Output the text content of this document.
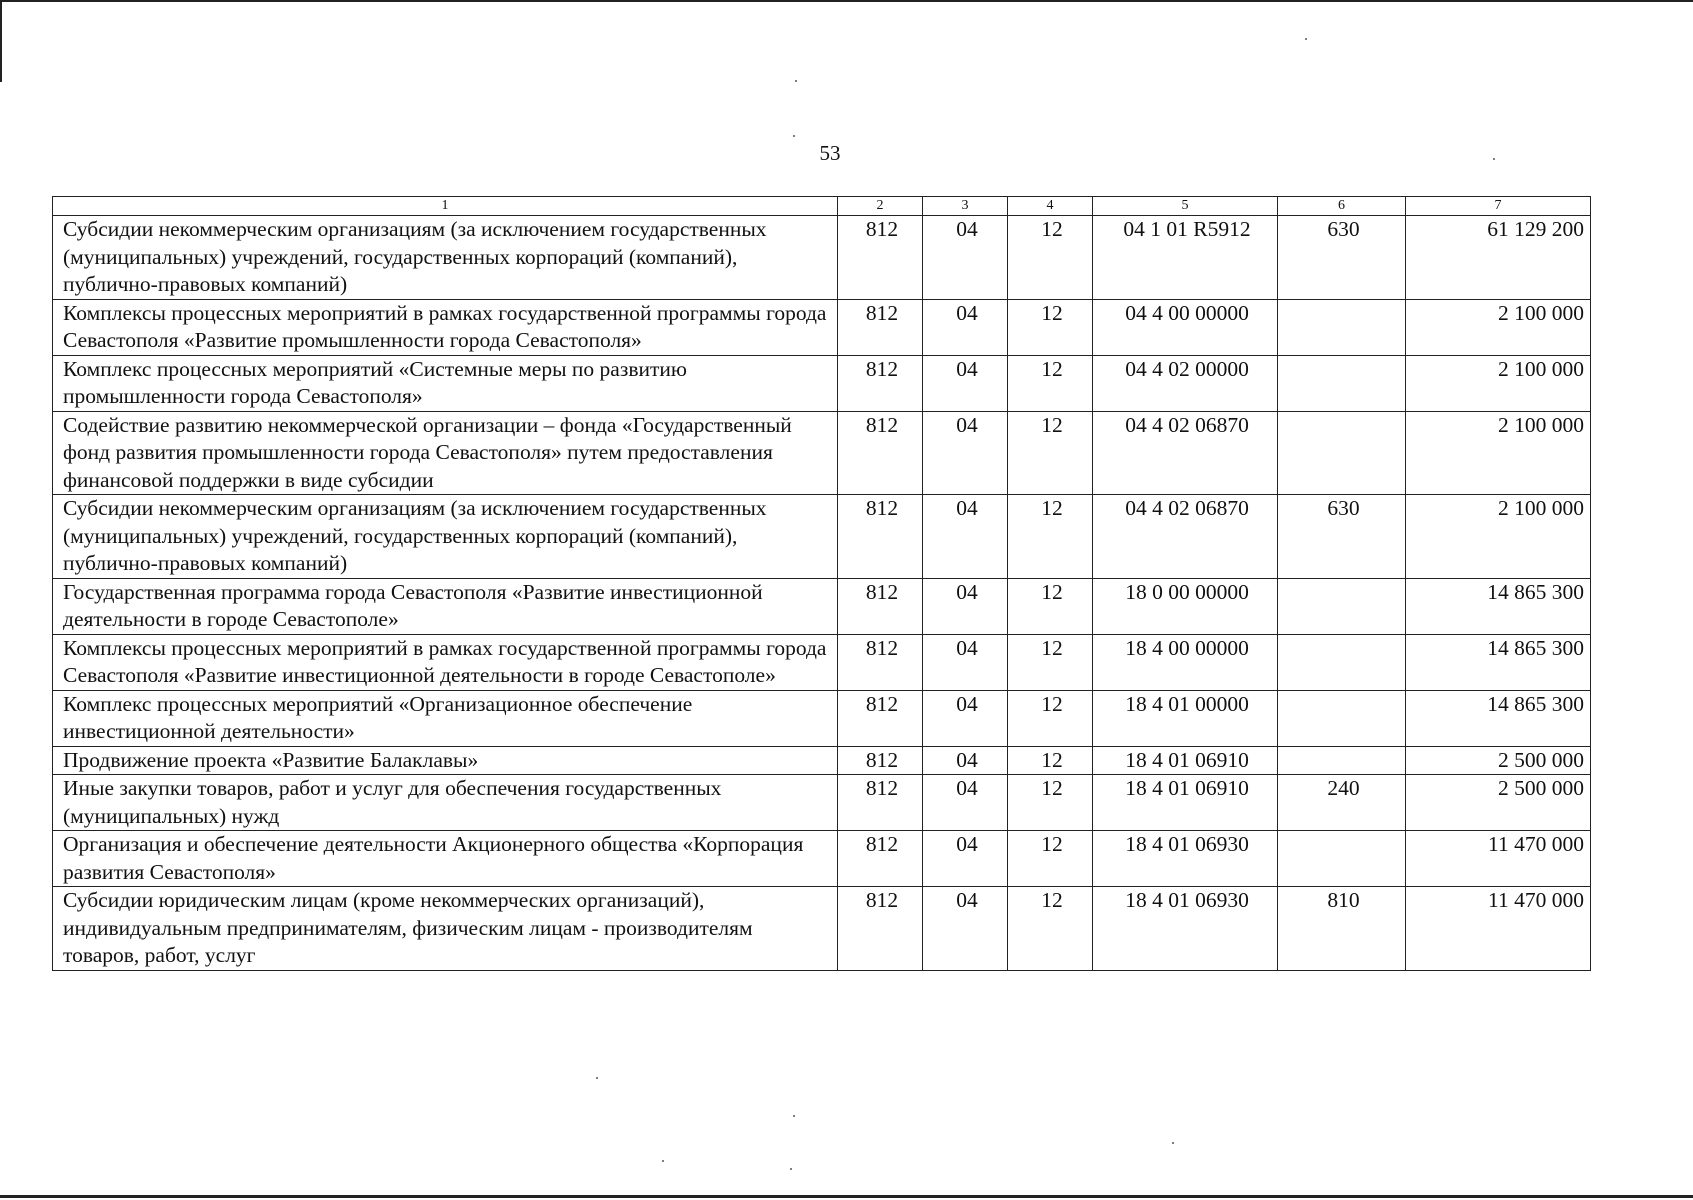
53
1	2	3	4	5	6	7
Субсидии некоммерческим организациям (за исключением государственных (муниципальных) учреждений, государственных корпораций (компаний), публично-правовых компаний)	812	04	12	04 1 01 R5912	630	61 129 200
Комплексы процессных мероприятий в рамках государственной программы города Севастополя «Развитие промышленности города Севастополя»	812	04	12	04 4 00 00000		2 100 000
Комплекс процессных мероприятий «Системные меры по развитию промышленности города Севастополя»	812	04	12	04 4 02 00000		2 100 000
Содействие развитию некоммерческой организации – фонда «Государственный фонд развития промышленности города Севастополя» путем предоставления финансовой поддержки в виде субсидии	812	04	12	04 4 02 06870		2 100 000
Субсидии некоммерческим организациям (за исключением государственных (муниципальных) учреждений, государственных корпораций (компаний), публично-правовых компаний)	812	04	12	04 4 02 06870	630	2 100 000
Государственная программа города Севастополя «Развитие инвестиционной деятельности в городе Севастополе»	812	04	12	18 0 00 00000		14 865 300
Комплексы процессных мероприятий в рамках государственной программы города Севастополя «Развитие инвестиционной деятельности в городе Севастополе»	812	04	12	18 4 00 00000		14 865 300
Комплекс процессных мероприятий «Организационное обеспечение инвестиционной деятельности»	812	04	12	18 4 01 00000		14 865 300
Продвижение проекта «Развитие Балаклавы»	812	04	12	18 4 01 06910		2 500 000
Иные закупки товаров, работ и услуг для обеспечения государственных (муниципальных) нужд	812	04	12	18 4 01 06910	240	2 500 000
Организация и обеспечение деятельности Акционерного общества «Корпорация развития Севастополя»	812	04	12	18 4 01 06930		11 470 000
Субсидии юридическим лицам (кроме некоммерческих организаций), индивидуальным предпринимателям, физическим лицам - производителям товаров, работ, услуг	812	04	12	18 4 01 06930	810	11 470 000
